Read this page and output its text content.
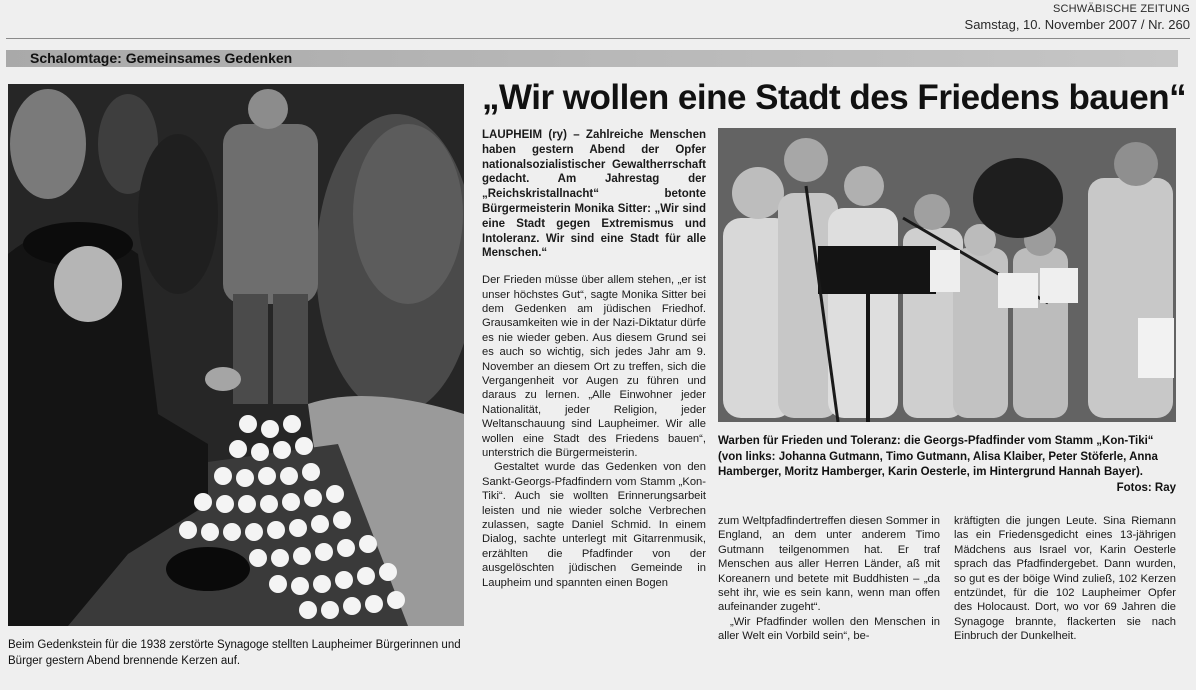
SCHWÄBISCHE ZEITUNG
Samstag, 10. November 2007 / Nr. 260
Schalomtage: Gemeinsames Gedenken
Beim Gedenkstein für die 1938 zerstörte Synagoge stellten Laupheimer Bürgerinnen und Bürger gestern Abend brennende Kerzen auf.
„Wir wollen eine Stadt des Friedens bauen“

LAUPHEIM (ry) – Zahlreiche Menschen haben gestern Abend der Opfer nationalsozialistischer Gewaltherrschaft gedacht. Am Jahrestag der „Reichskristallnacht“ betonte Bürgermeisterin Monika Sitter: „Wir sind eine Stadt gegen Extremismus und Intoleranz. Wir sind eine Stadt für alle Menschen.“

Der Frieden müsse über allem stehen, „er ist unser höchstes Gut“, sagte Monika Sitter bei dem Gedenken am jüdischen Friedhof. Grausamkeiten wie in der Nazi-Diktatur dürfe es nie wieder geben. Aus diesem Grund sei es auch so wichtig, sich jedes Jahr am 9. November an diesem Ort zu treffen, sich die Vergangenheit vor Augen zu führen und daraus zu lernen. „Alle Einwohner jeder Nationalität, jeder Religion, jeder Weltanschauung sind Laupheimer. Wir alle wollen eine Stadt des Friedens bauen“, unterstrich die Bürgermeisterin.

Gestaltet wurde das Gedenken von den Sankt-Georgs-Pfadfindern vom Stamm „Kon-Tiki“. Auch sie wollten Erinnerungsarbeit leisten und nie wieder solche Verbrechen zulassen, sagte Daniel Schmid. In einem Dialog, sachte unterlegt mit Gitarrenmusik, erzählten die Pfadfinder von der ausgelöschten jüdischen Gemeinde in Laupheim und spannten einen Bogen

Warben für Frieden und Toleranz: die Georgs-Pfadfinder vom Stamm „Kon-Tiki“ (von links: Johanna Gutmann, Timo Gutmann, Alisa Klaiber, Peter Stöferle, Anna Hamberger, Moritz Hamberger, Karin Oesterle, im Hintergrund Hannah Bayer).
Fotos: Ray

zum Weltpfadfindertreffen diesen Sommer in England, an dem unter anderem Timo Gutmann teilgenommen hat. Er traf Menschen aus aller Herren Länder, aß mit Koreanern und betete mit Buddhisten – „da seht ihr, wie es sein kann, wenn man offen aufeinander zugeht“.

„Wir Pfadfinder wollen den Menschen in aller Welt ein Vorbild sein“, be-

kräftigten die jungen Leute. Sina Riemann las ein Friedensgedicht eines 13-jährigen Mädchens aus Israel vor, Karin Oesterle sprach das Pfadfindergebet. Dann wurden, so gut es der böige Wind zuließ, 102 Kerzen entzündet, für die 102 Laupheimer Opfer des Holocaust. Dort, wo vor 69 Jahren die Synagoge brannte, flackerten sie nach Einbruch der Dunkelheit.
